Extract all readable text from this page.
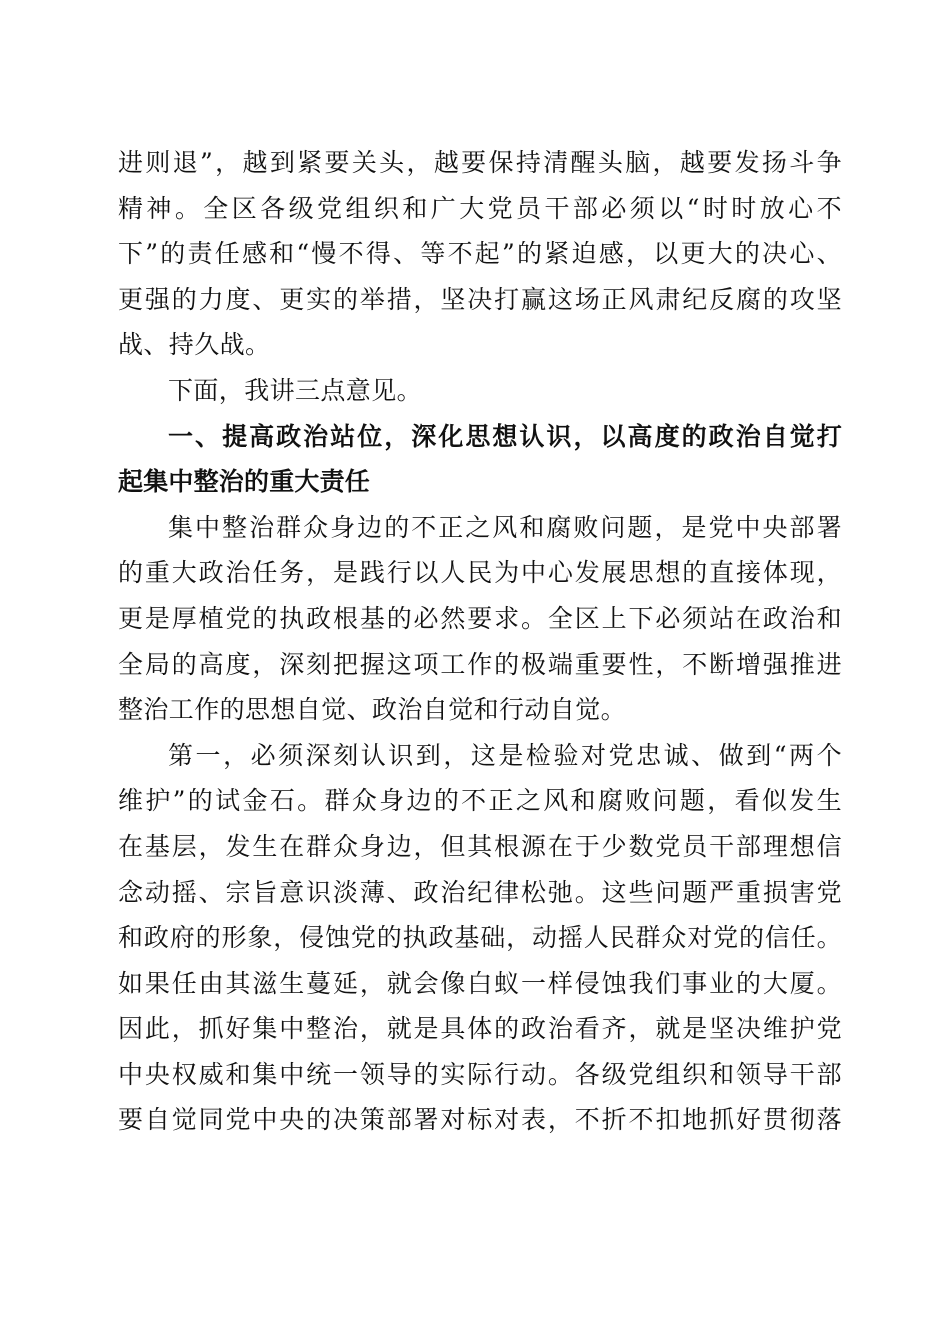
进则退”，越到紧要关头，越要保持清醒头脑，越要发扬斗争
精神。全区各级党组织和广大党员干部必须以“时时放心不
下”的责任感和“慢不得、等不起”的紧迫感，以更大的决心、
更强的力度、更实的举措，坚决打赢这场正风肃纪反腐的攻坚
战、持久战。
下面，我讲三点意见。
一、提高政治站位，深化思想认识，以高度的政治自觉打
起集中整治的重大责任
集中整治群众身边的不正之风和腐败问题，是党中央部署
的重大政治任务，是践行以人民为中心发展思想的直接体现，
更是厚植党的执政根基的必然要求。全区上下必须站在政治和
全局的高度，深刻把握这项工作的极端重要性，不断增强推进
整治工作的思想自觉、政治自觉和行动自觉。
第一，必须深刻认识到，这是检验对党忠诚、做到“两个
维护”的试金石。群众身边的不正之风和腐败问题，看似发生
在基层，发生在群众身边，但其根源在于少数党员干部理想信
念动摇、宗旨意识淡薄、政治纪律松弛。这些问题严重损害党
和政府的形象，侵蚀党的执政基础，动摇人民群众对党的信任。
如果任由其滋生蔓延，就会像白蚁一样侵蚀我们事业的大厦。
因此，抓好集中整治，就是具体的政治看齐，就是坚决维护党
中央权威和集中统一领导的实际行动。各级党组织和领导干部
要自觉同党中央的决策部署对标对表，不折不扣地抓好贯彻落
